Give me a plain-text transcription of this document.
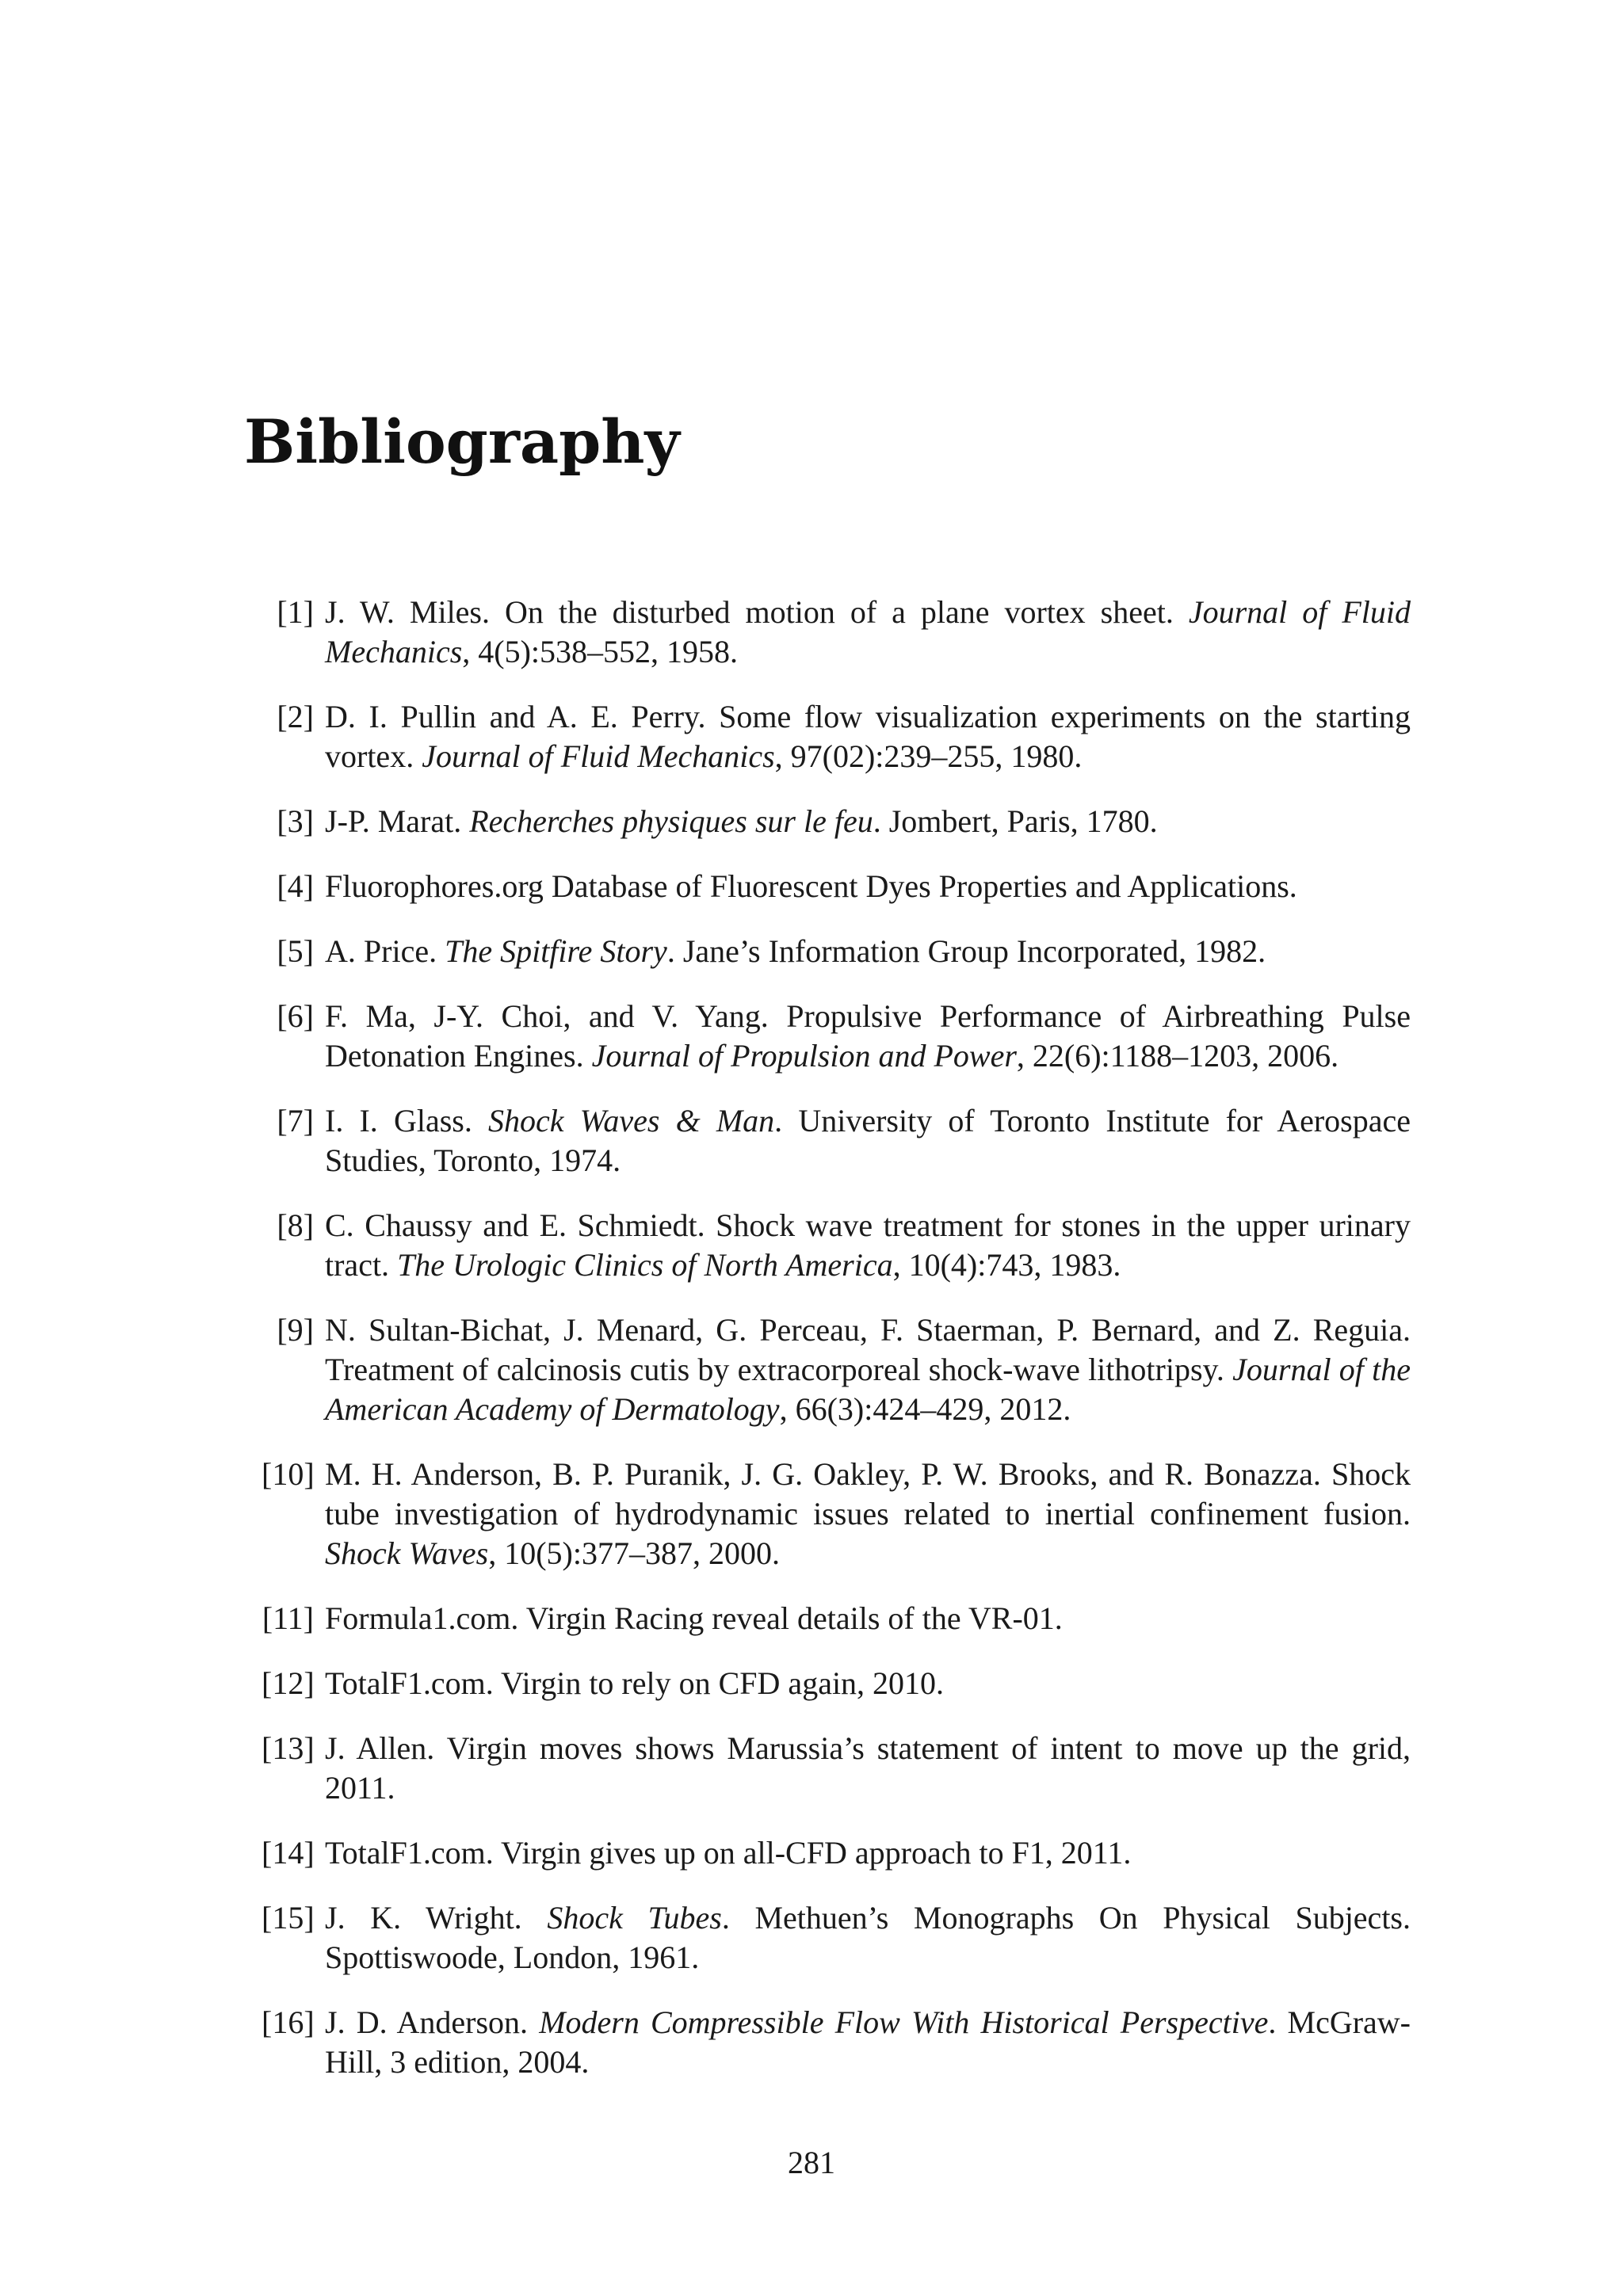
Bibliography
[1] J. W. Miles. On the disturbed motion of a plane vortex sheet. Journal of Fluid Mechanics, 4(5):538–552, 1958.
[2] D. I. Pullin and A. E. Perry. Some flow visualization experiments on the starting vortex. Journal of Fluid Mechanics, 97(02):239–255, 1980.
[3] J-P. Marat. Recherches physiques sur le feu. Jombert, Paris, 1780.
[4] Fluorophores.org Database of Fluorescent Dyes Properties and Applications.
[5] A. Price. The Spitfire Story. Jane’s Information Group Incorporated, 1982.
[6] F. Ma, J-Y. Choi, and V. Yang. Propulsive Performance of Airbreathing Pulse Detonation Engines. Journal of Propulsion and Power, 22(6):1188–1203, 2006.
[7] I. I. Glass. Shock Waves & Man. University of Toronto Institute for Aerospace Studies, Toronto, 1974.
[8] C. Chaussy and E. Schmiedt. Shock wave treatment for stones in the upper urinary tract. The Urologic Clinics of North America, 10(4):743, 1983.
[9] N. Sultan-Bichat, J. Menard, G. Perceau, F. Staerman, P. Bernard, and Z. Reguia. Treatment of calcinosis cutis by extracorporeal shock-wave lithotripsy. Journal of the American Academy of Dermatology, 66(3):424–429, 2012.
[10] M. H. Anderson, B. P. Puranik, J. G. Oakley, P. W. Brooks, and R. Bonazza. Shock tube investigation of hydrodynamic issues related to inertial confinement fusion. Shock Waves, 10(5):377–387, 2000.
[11] Formula1.com. Virgin Racing reveal details of the VR-01.
[12] TotalF1.com. Virgin to rely on CFD again, 2010.
[13] J. Allen. Virgin moves shows Marussia’s statement of intent to move up the grid, 2011.
[14] TotalF1.com. Virgin gives up on all-CFD approach to F1, 2011.
[15] J. K. Wright. Shock Tubes. Methuen’s Monographs On Physical Subjects. Spottiswoode, London, 1961.
[16] J. D. Anderson. Modern Compressible Flow With Historical Perspective. McGraw-Hill, 3 edition, 2004.
281
